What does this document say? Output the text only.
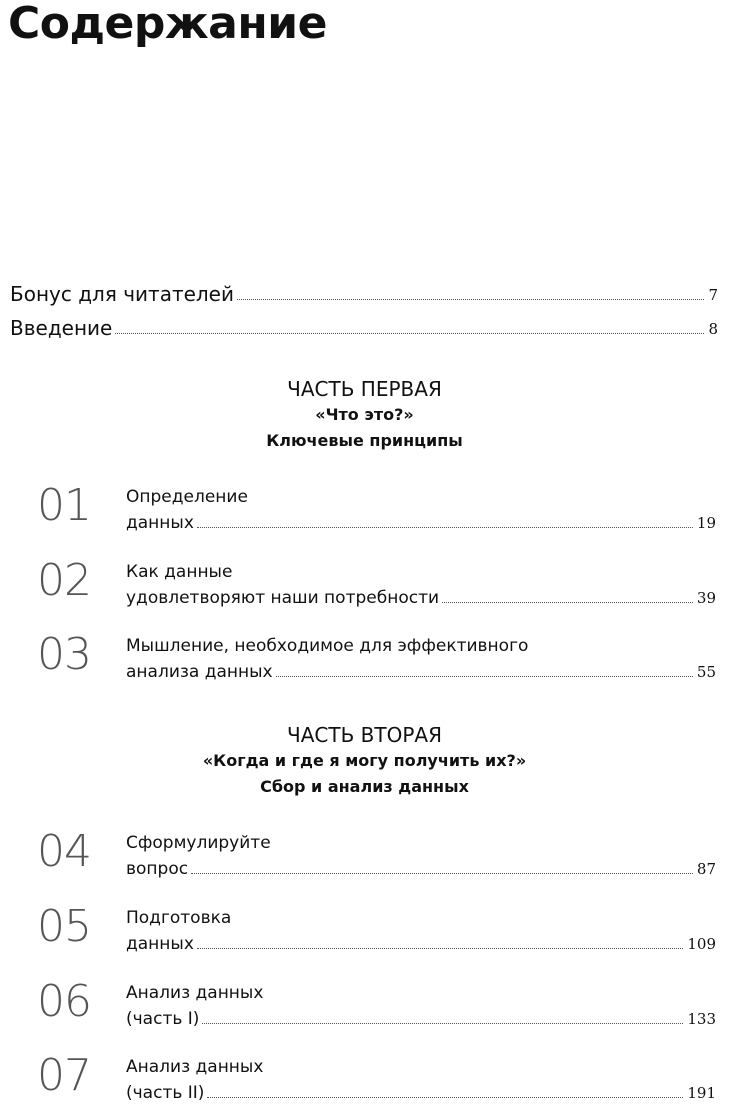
Содержание
Бонус для читателей	7
Введение	8
ЧАСТЬ ПЕРВАЯ
«Что это?»
Ключевые принципы
01 Определение
данных	19
02 Как данные
удовлетворяют наши потребности	39
03 Мышление, необходимое для эффективного
анализа данных	55
ЧАСТЬ ВТОРАЯ
«Когда и где я могу получить их?»
Сбор и анализ данных
04 Сформулируйте
вопрос	87
05 Подготовка
данных	109
06 Анализ данных
(часть I)	133
07 Анализ данных
(часть II)	191
